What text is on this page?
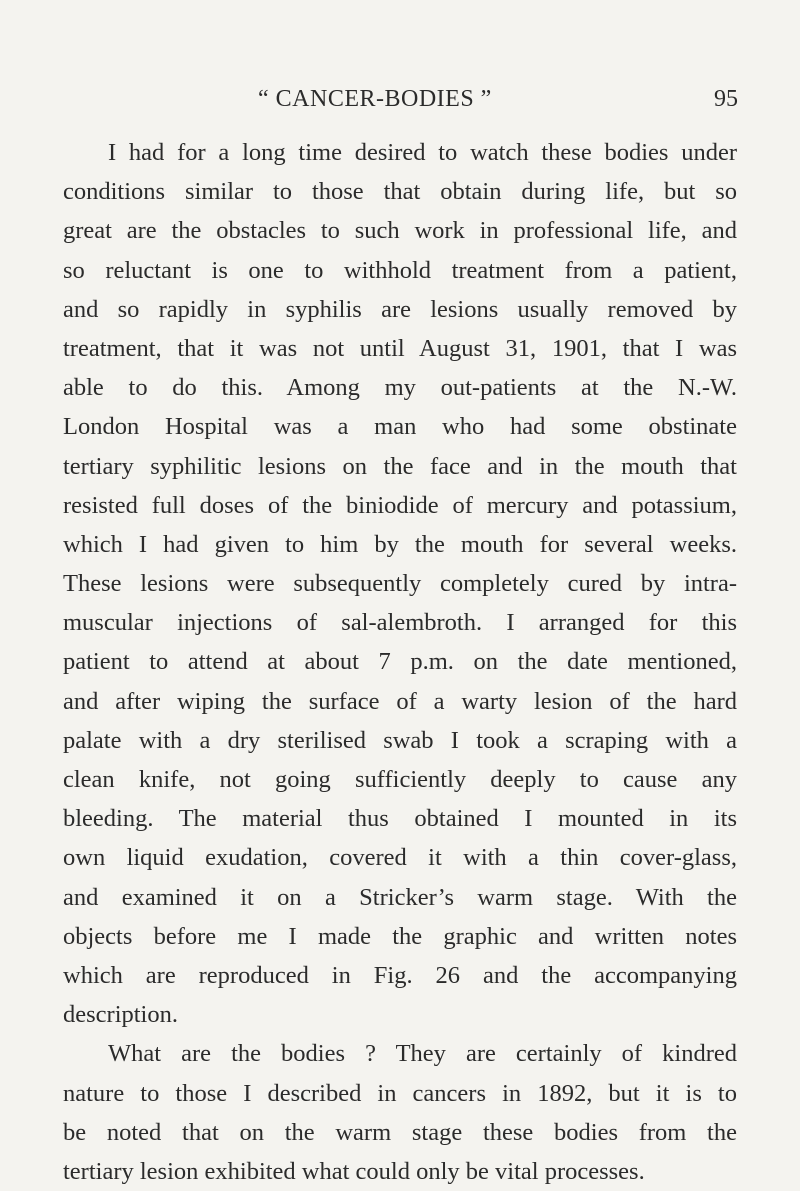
“ CANCER-BODIES ”	95
I had for a long time desired to watch these bodies under
conditions similar to those that obtain during life, but so
great are the obstacles to such work in professional life, and
so reluctant is one to withhold treatment from a patient,
and so rapidly in syphilis are lesions usually removed by
treatment, that it was not until August 31, 1901, that I was
able to do this. Among my out-patients at the N.-W.
London Hospital was a man who had some obstinate
tertiary syphilitic lesions on the face and in the mouth that
resisted full doses of the biniodide of mercury and potassium,
which I had given to him by the mouth for several weeks.
These lesions were subsequently completely cured by intra-
muscular injections of sal-alembroth. I arranged for this
patient to attend at about 7 p.m. on the date mentioned,
and after wiping the surface of a warty lesion of the hard
palate with a dry sterilised swab I took a scraping with a
clean knife, not going sufficiently deeply to cause any
bleeding. The material thus obtained I mounted in its
own liquid exudation, covered it with a thin cover-glass,
and examined it on a Stricker’s warm stage. With the
objects before me I made the graphic and written notes
which are reproduced in Fig. 26 and the accompanying
description.
What are the bodies ? They are certainly of kindred
nature to those I described in cancers in 1892, but it is to
be noted that on the warm stage these bodies from the
tertiary lesion exhibited what could only be vital processes.
